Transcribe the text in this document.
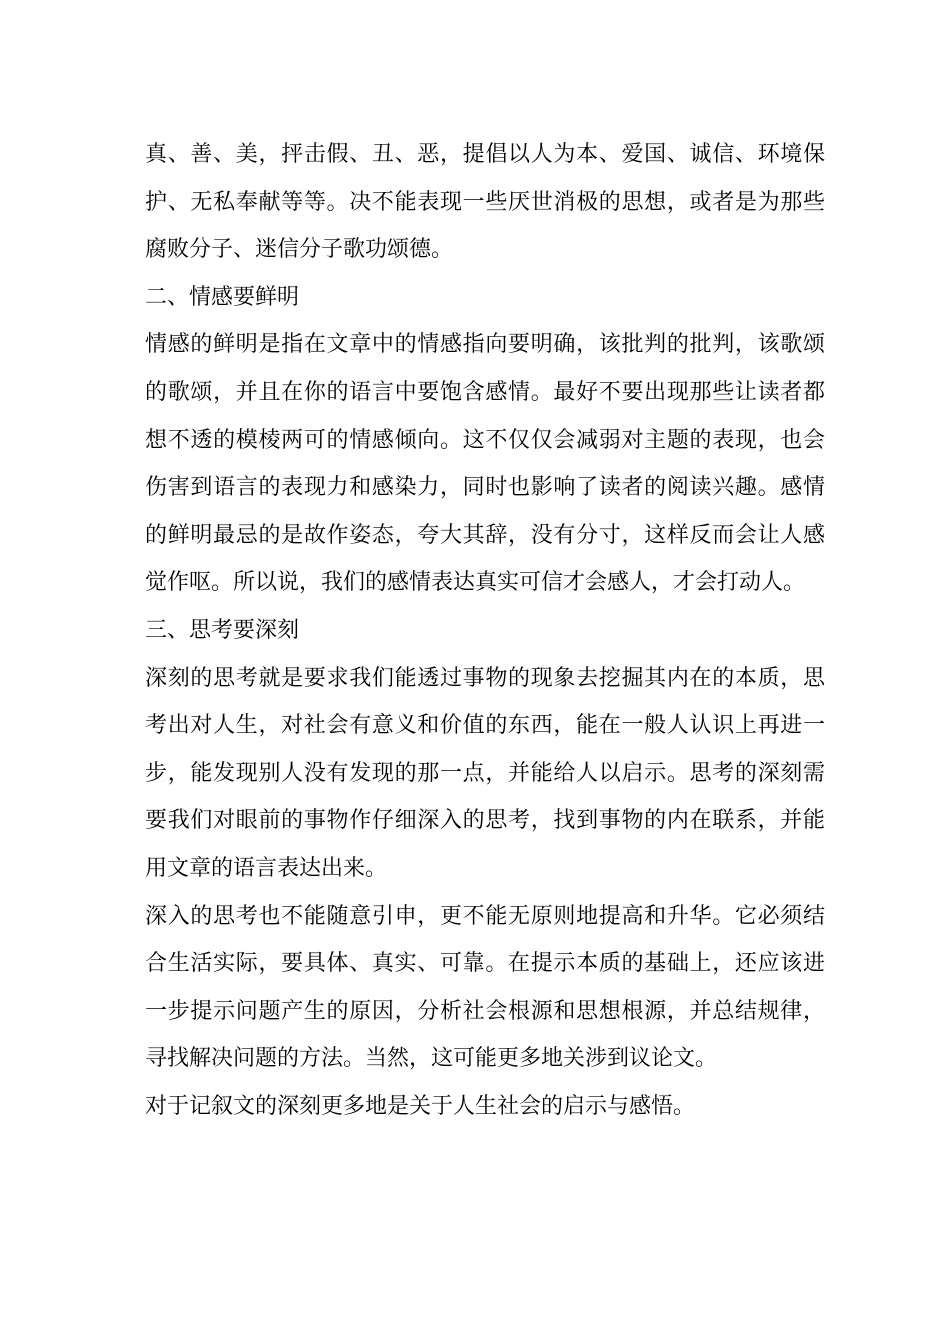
真、善、美，抨击假、丑、恶，提倡以人为本、爱国、诚信、环境保护、无私奉献等等。决不能表现一些厌世消极的思想，或者是为那些腐败分子、迷信分子歌功颂德。

二、情感要鲜明

情感的鲜明是指在文章中的情感指向要明确，该批判的批判，该歌颂的歌颂，并且在你的语言中要饱含感情。最好不要出现那些让读者都想不透的模棱两可的情感倾向。这不仅仅会减弱对主题的表现，也会伤害到语言的表现力和感染力，同时也影响了读者的阅读兴趣。感情的鲜明最忌的是故作姿态，夸大其辞，没有分寸，这样反而会让人感觉作呕。所以说，我们的感情表达真实可信才会感人，才会打动人。

三、思考要深刻

深刻的思考就是要求我们能透过事物的现象去挖掘其内在的本质，思考出对人生，对社会有意义和价值的东西，能在一般人认识上再进一步，能发现别人没有发现的那一点，并能给人以启示。思考的深刻需要我们对眼前的事物作仔细深入的思考，找到事物的内在联系，并能用文章的语言表达出来。

深入的思考也不能随意引申，更不能无原则地提高和升华。它必须结合生活实际，要具体、真实、可靠。在提示本质的基础上，还应该进一步提示问题产生的原因，分析社会根源和思想根源，并总结规律，寻找解决问题的方法。当然，这可能更多地关涉到议论文。

对于记叙文的深刻更多地是关于人生社会的启示与感悟。
